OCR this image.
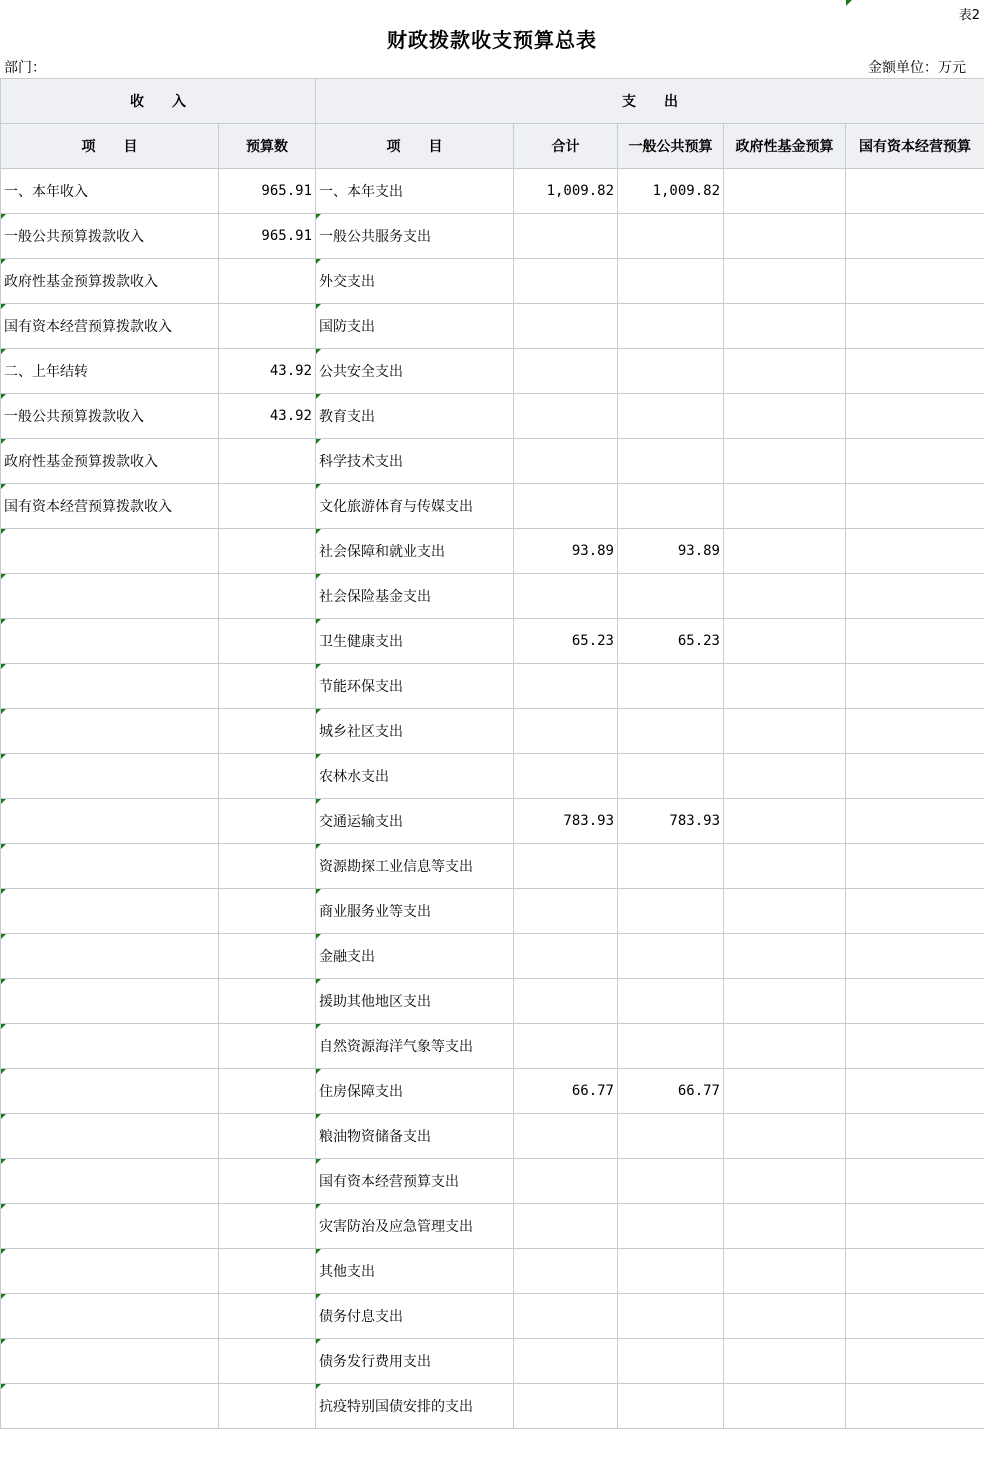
表2
财政拨款收支预算总表
部门：	金额单位：万元
收　　入		支　　出				
项　　目	预算数	项　　目	合计	一般公共预算	政府性基金预算	国有资本经营预算
一、本年收入	965.91	一、本年支出	1,009.82	1,009.82		
一般公共预算拨款收入	965.91	一般公共服务支出				
政府性基金预算拨款收入		外交支出				
国有资本经营预算拨款收入		国防支出				
二、上年结转	43.92	公共安全支出				
一般公共预算拨款收入	43.92	教育支出				
政府性基金预算拨款收入		科学技术支出				
国有资本经营预算拨款收入		文化旅游体育与传媒支出				
		社会保障和就业支出	93.89	93.89		
		社会保险基金支出				
		卫生健康支出	65.23	65.23		
		节能环保支出				
		城乡社区支出				
		农林水支出				
		交通运输支出	783.93	783.93		
		资源勘探工业信息等支出				
		商业服务业等支出				
		金融支出				
		援助其他地区支出				
		自然资源海洋气象等支出				
		住房保障支出	66.77	66.77		
		粮油物资储备支出				
		国有资本经营预算支出				
		灾害防治及应急管理支出				
		其他支出				
		债务付息支出				
		债务发行费用支出				
		抗疫特别国债安排的支出				
